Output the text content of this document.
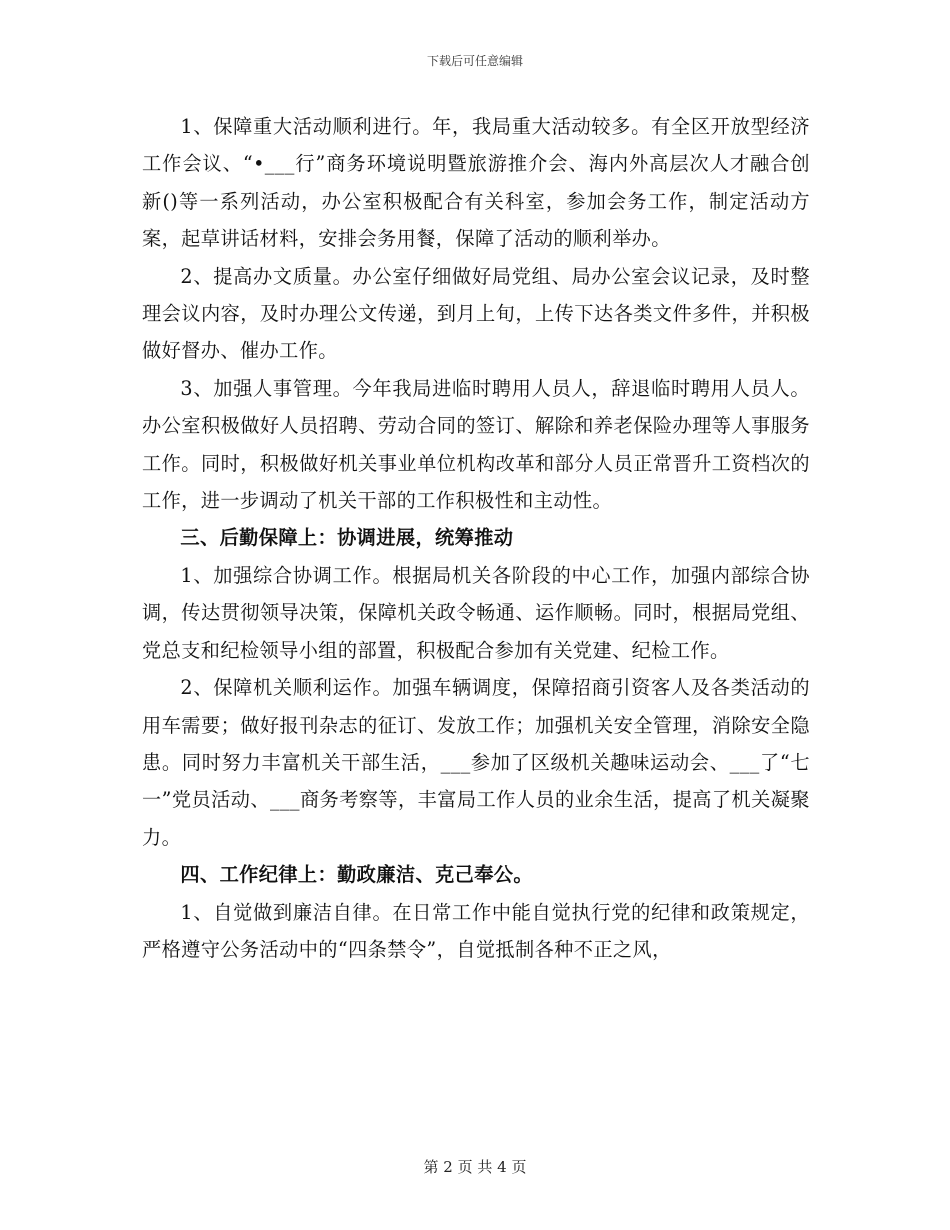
下载后可任意编辑

1、保障重大活动顺利进行。年，我局重大活动较多。有全区开放型经济工作会议、“•___行”商务环境说明暨旅游推介会、海内外高层次人才融合创新()等一系列活动，办公室积极配合有关科室，参加会务工作，制定活动方案，起草讲话材料，安排会务用餐，保障了活动的顺利举办。

2、提高办文质量。办公室仔细做好局党组、局办公室会议记录，及时整理会议内容，及时办理公文传递，到月上旬，上传下达各类文件多件，并积极做好督办、催办工作。

3、加强人事管理。今年我局进临时聘用人员人，辞退临时聘用人员人。办公室积极做好人员招聘、劳动合同的签订、解除和养老保险办理等人事服务工作。同时，积极做好机关事业单位机构改革和部分人员正常晋升工资档次的工作，进一步调动了机关干部的工作积极性和主动性。

三、后勤保障上：协调进展，统筹推动

1、加强综合协调工作。根据局机关各阶段的中心工作，加强内部综合协调，传达贯彻领导决策，保障机关政令畅通、运作顺畅。同时，根据局党组、党总支和纪检领导小组的部置，积极配合参加有关党建、纪检工作。

2、保障机关顺利运作。加强车辆调度，保障招商引资客人及各类活动的用车需要；做好报刊杂志的征订、发放工作；加强机关安全管理，消除安全隐患。同时努力丰富机关干部生活，___参加了区级机关趣味运动会、___了“七一”党员活动、___商务考察等，丰富局工作人员的业余生活，提高了机关凝聚力。

四、工作纪律上：勤政廉洁、克己奉公。

1、自觉做到廉洁自律。在日常工作中能自觉执行党的纪律和政策规定，严格遵守公务活动中的“四条禁令”，自觉抵制各种不正之风，

第 2 页 共 4 页
